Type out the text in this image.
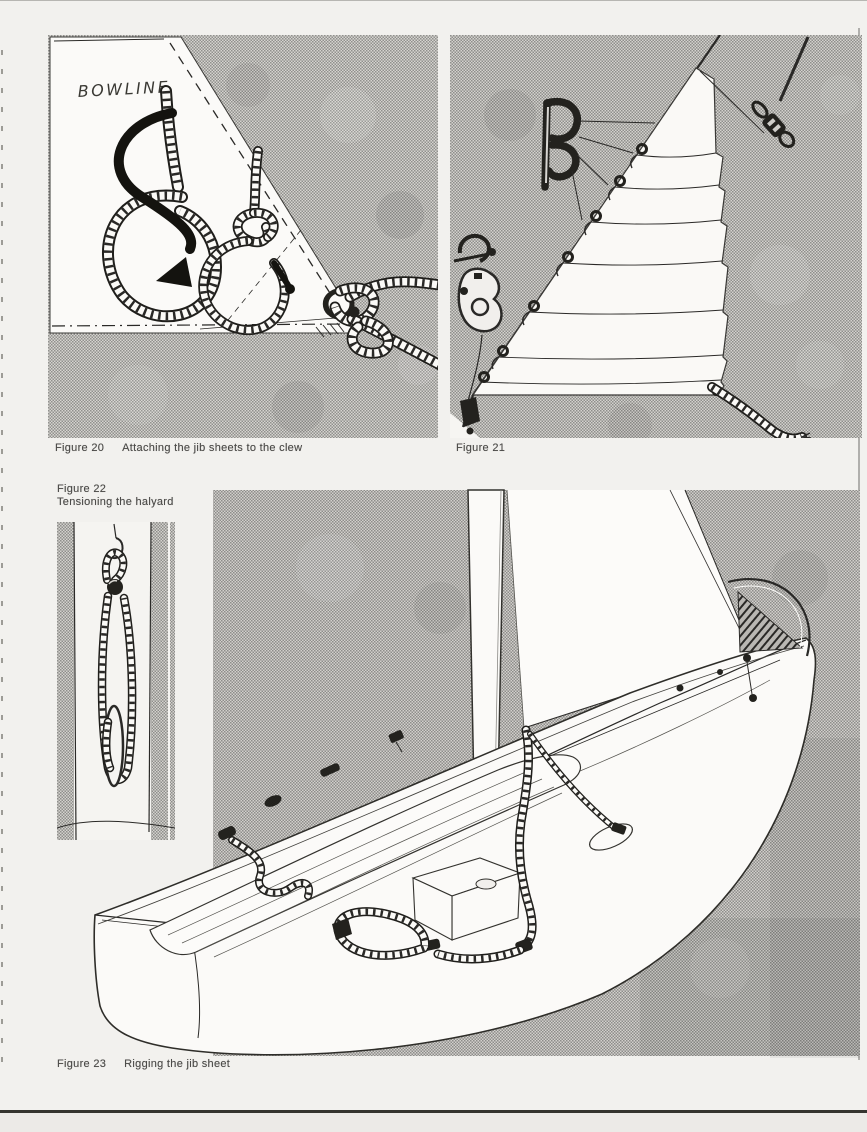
BOWLINE
Figure 20 Attaching the jib sheets to the clew	Figure 21
Figure 22
Tensioning the halyard
Figure 23 Rigging the jib sheet
